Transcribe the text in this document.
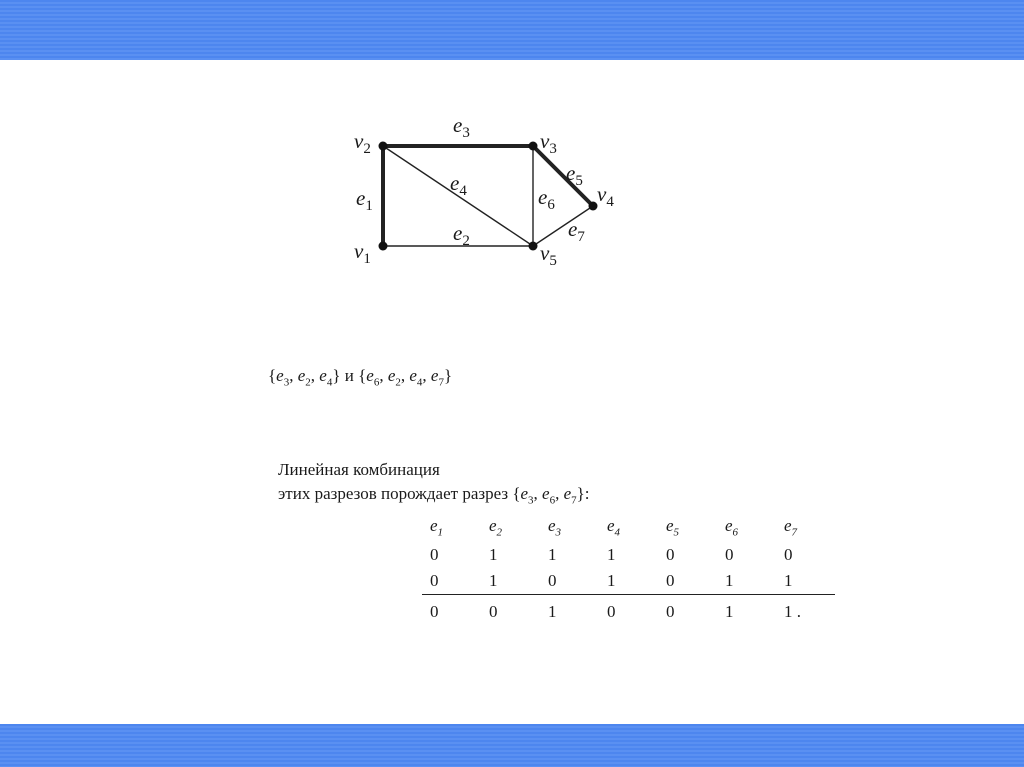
$v_1$
$v_2$	$v_3$
$v_4$
$v_5$
$e_1$
$e_2$
$e_3$
$e_4$
$e_5$
$e_6$
$e_7$
{$e_3$, $e_2$, $e_4$} и {$e_6$, $e_2$, $e_4$, $e_7$}
Линейная комбинация
этих разрезов порождает разрез {$e_3$, $e_6$, $e_7$}:
$e_1$	$e_2$	$e_3$	$e_4$	$e_5$	$e_6$	$e_7$
0	1	1	1	0	0	0
0	1	0	1	0	1	1
0	0	1	0	0	1	1 .
